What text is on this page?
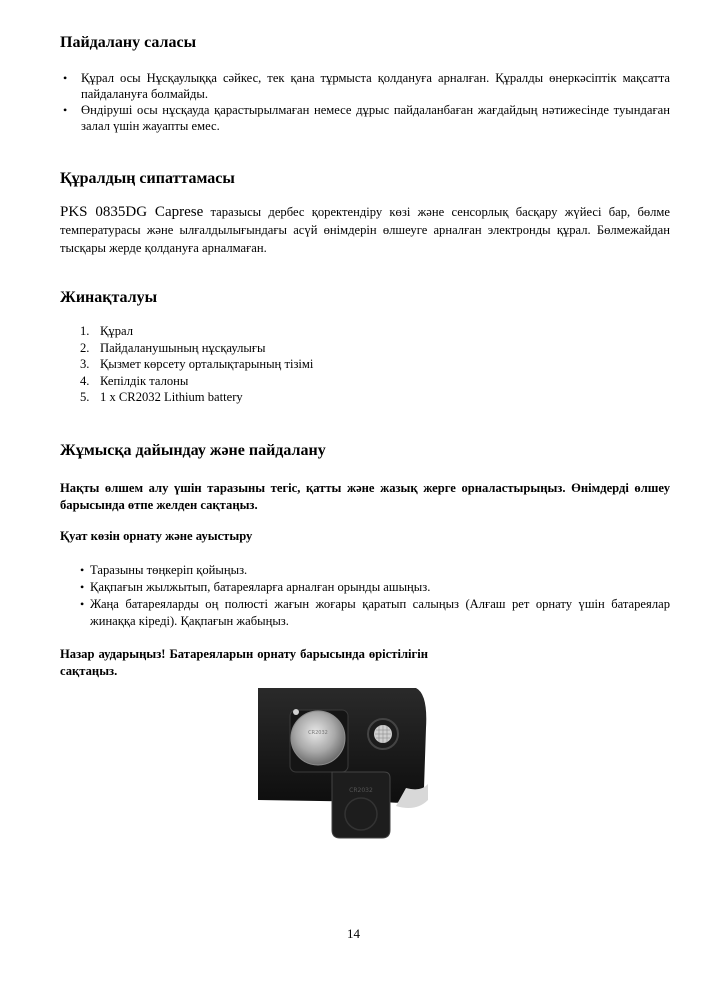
Пайдалану саласы
• Құрал осы Нұсқаулыққа сәйкес, тек қана тұрмыста қолдануға арналған. Құралды өнеркәсіптік мақсатта пайдалануға болмайды.
• Өндіруші осы нұсқауда қарастырылмаған немесе дұрыс пайдаланбаған жағдайдың нәтижесінде туындаған залал үшін жауапты емес.
Құралдың сипаттамасы

PKS 0835DG Caprese таразысы дербес қоректендіру көзі және сенсорлық басқару жүйесі бар, бөлме температурасы және ылғалдылығындағы асүй өнімдерін өлшеуге арналған электронды құрал. Бөлмежайдан тысқары жерде қолдануға арналмаған.

Жинақталуы
1. Құрал
2. Пайдаланушының нұсқаулығы
3. Қызмет көрсету орталықтарының тізімі
4. Кепілдік талоны
5. 1 х CR2032 Lithium battery
Жұмысқа дайындау және пайдалану

Нақты өлшем алу үшін таразыны тегіс, қатты және жазық жерге орналастырыңыз. Өнімдерді өлшеу барысында өтпе желден сақтаңыз.

Қуат көзін орнату және ауыстыру

• Таразыны төңкеріп қойыңыз.
• Қақпағын жылжытып, батареяларға арналған орынды ашыңыз.
• Жаңа батареяларды оң полюсті жағын жоғары қаратып салыңыз (Алғаш рет орнату үшін батареялар жинаққа кіреді). Қақпағын жабыңыз.

Назар аударыңыз! Батареяларын орнату барысында өрістілігін сақтаңыз.

CR2032
CR2032
14
